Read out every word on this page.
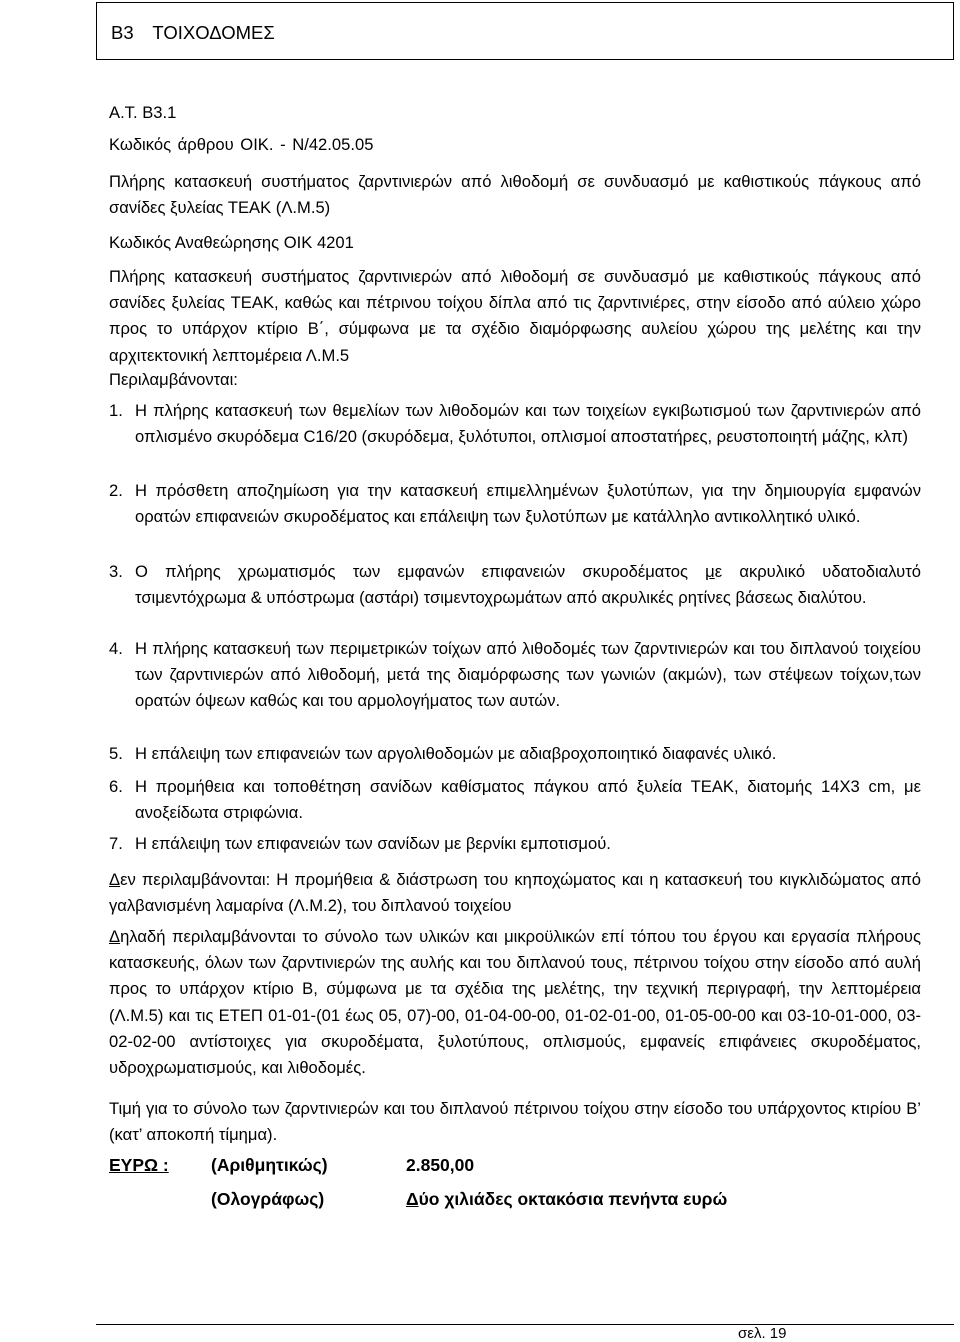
Β3 ΤΟΙΧΟΔΟΜΕΣ
Α.Τ. Β3.1
Κωδικός άρθρου ΟΙΚ. - Ν/42.05.05
Πλήρης κατασκευή συστήματος ζαρντινιερών από λιθοδομή σε συνδυασμό με καθιστικούς πάγκους από σανίδες ξυλείας ΤΕΑΚ (Λ.Μ.5)
Κωδικός Αναθεώρησης ΟΙΚ 4201
Πλήρης κατασκευή συστήματος ζαρντινιερών από λιθοδομή σε συνδυασμό με καθιστικούς πάγκους από σανίδες ξυλείας ΤΕΑΚ, καθώς και πέτρινου τοίχου δίπλα από τις ζαρντινιέρες, στην είσοδο από αύλειο χώρο προς το υπάρχον κτίριο Β΄, σύμφωνα με τα σχέδιο διαμόρφωσης αυλείου χώρου της μελέτης και την αρχιτεκτονική λεπτομέρεια Λ.Μ.5
Περιλαμβάνονται:
1. Η πλήρης κατασκευή των θεμελίων των λιθοδομών και των τοιχείων εγκιβωτισμού των ζαρντινιερών από οπλισμένο σκυρόδεμα C16/20 (σκυρόδεμα, ξυλότυποι, οπλισμοί αποστατήρες, ρευστοποιητή μάζης, κλπ)
2. Η πρόσθετη αποζημίωση για την κατασκευή επιμελλημένων ξυλοτύπων, για την δημιουργία εμφανών ορατών επιφανειών σκυροδέματος και επάλειψη των ξυλοτύπων με κατάλληλο αντικολλητικό υλικό.
3. Ο πλήρης χρωματισμός των εμφανών επιφανειών σκυροδέματος με ακρυλικό υδατοδιαλυτό τσιμεντόχρωμα & υπόστρωμα (αστάρι) τσιμεντοχρωμάτων από ακρυλικές ρητίνες βάσεως διαλύτου.
4. Η πλήρης κατασκευή των περιμετρικών τοίχων από λιθοδομές των ζαρντινιερών και του διπλανού τοιχείου των ζαρντινιερών από λιθοδομή, μετά της διαμόρφωσης των γωνιών (ακμών), των στέψεων τοίχων,των ορατών όψεων καθώς και του αρμολογήματος των αυτών.
5. Η επάλειψη των επιφανειών των αργολιθοδομών με αδιαβροχοποιητικό διαφανές υλικό.
6. Η προμήθεια και τοποθέτηση σανίδων καθίσματος πάγκου από ξυλεία ΤΕΑΚ, διατομής 14Χ3 cm, με ανοξείδωτα στριφώνια.
7. Η επάλειψη των επιφανειών των σανίδων με βερνίκι εμποτισμού.
Δεν περιλαμβάνονται: Η προμήθεια & διάστρωση του κηποχώματος και η κατασκευή του κιγκλιδώματος από γαλβανισμένη λαμαρίνα (Λ.Μ.2), του διπλανού τοιχείου
Δηλαδή περιλαμβάνονται το σύνολο των υλικών και μικροϋλικών επί τόπου του έργου και εργασία πλήρους κατασκευής, όλων των ζαρντινιερών της αυλής και του διπλανού τους, πέτρινου τοίχου στην είσοδο από αυλή προς το υπάρχον κτίριο Β, σύμφωνα με τα σχέδια της μελέτης, την τεχνική περιγραφή, την λεπτομέρεια (Λ.Μ.5) και τις ΕΤΕΠ 01-01-(01 έως 05, 07)-00, 01-04-00-00, 01-02-01-00, 01-05-00-00 και 03-10-01-000, 03-02-02-00 αντίστοιχες για σκυροδέματα, ξυλοτύπους, οπλισμούς, εμφανείς επιφάνειες σκυροδέματος, υδροχρωματισμούς, και λιθοδομές.
Τιμή για το σύνολο των ζαρντινιερών και του διπλανού πέτρινου τοίχου στην είσοδο του υπάρχοντος κτιρίου Β’ (κατ’ αποκοπή τίμημα).
ΕΥΡΩ : (Αριθμητικώς)	2.850,00
(Ολογράφως)	Δύο χιλιάδες οκτακόσια πενήντα ευρώ
σελ. 19
